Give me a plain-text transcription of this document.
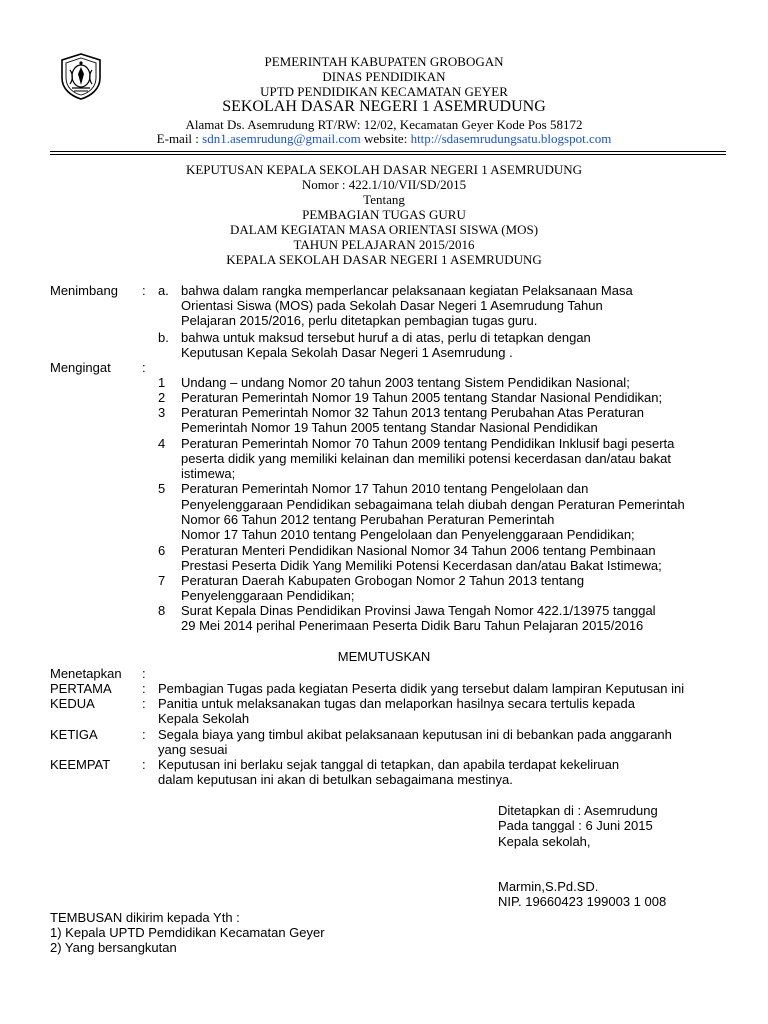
PEMERINTAH KABUPATEN GROBOGAN
DINAS PENDIDIKAN
UPTD PENDIDIKAN KECAMATAN GEYER
SEKOLAH DASAR NEGERI 1 ASEMRUDUNG
Alamat Ds. Asemrudung RT/RW: 12/02, Kecamatan Geyer Kode Pos 58172
E-mail : sdn1.asemrudung@gmail.com website: http://sdasemrudungsatu.blogspot.com
KEPUTUSAN KEPALA SEKOLAH DASAR NEGERI 1 ASEMRUDUNG
Nomor : 422.1/10/VII/SD/2015
Tentang
PEMBAGIAN TUGAS GURU
DALAM KEGIATAN MASA ORIENTASI SISWA (MOS)
TAHUN PELAJARAN 2015/2016
KEPALA SEKOLAH DASAR NEGERI 1 ASEMRUDUNG
Menimbang : a. bahwa dalam rangka memperlancar pelaksanaan kegiatan Pelaksanaan Masa
Orientasi Siswa (MOS) pada Sekolah Dasar Negeri 1 Asemrudung Tahun
Pelajaran 2015/2016, perlu ditetapkan pembagian tugas guru.
b. bahwa untuk maksud tersebut huruf a di atas, perlu di tetapkan dengan
Keputusan Kepala Sekolah Dasar Negeri 1 Asemrudung .
Mengingat :
1 Undang – undang Nomor 20 tahun 2003 tentang Sistem Pendidikan Nasional;
2 Peraturan Pemerintah Nomor 19 Tahun 2005 tentang Standar Nasional Pendidikan;
3 Peraturan Pemerintah Nomor 32 Tahun 2013 tentang Perubahan Atas Peraturan
Pemerintah Nomor 19 Tahun 2005 tentang Standar Nasional Pendidikan
4 Peraturan Pemerintah Nomor 70 Tahun 2009 tentang Pendidikan Inklusif bagi peserta
peserta didik yang memiliki kelainan dan memiliki potensi kecerdasan dan/atau bakat
istimewa;
5 Peraturan Pemerintah Nomor 17 Tahun 2010 tentang Pengelolaan dan
Penyelenggaraan Pendidikan sebagaimana telah diubah dengan Peraturan Pemerintah
Nomor 66 Tahun 2012 tentang Perubahan Peraturan Pemerintah
Nomor 17 Tahun 2010 tentang Pengelolaan dan Penyelenggaraan Pendidikan;
6 Peraturan Menteri Pendidikan Nasional Nomor 34 Tahun 2006 tentang Pembinaan
Prestasi Peserta Didik Yang Memiliki Potensi Kecerdasan dan/atau Bakat Istimewa;
7 Peraturan Daerah Kabupaten Grobogan Nomor 2 Tahun 2013 tentang
Penyelenggaraan Pendidikan;
8 Surat Kepala Dinas Pendidikan Provinsi Jawa Tengah Nomor 422.1/13975 tanggal
29 Mei 2014 perihal Penerimaan Peserta Didik Baru Tahun Pelajaran 2015/2016
MEMUTUSKAN
Menetapkan :
PERTAMA : Pembagian Tugas pada kegiatan Peserta didik yang tersebut dalam lampiran Keputusan ini
KEDUA	: Panitia untuk melaksanakan tugas dan melaporkan hasilnya secara tertulis kepada
Kepala Sekolah
KETIGA	: Segala biaya yang timbul akibat pelaksanaan keputusan ini di bebankan pada anggaranh
yang sesuai
KEEMPAT : Keputusan ini berlaku sejak tanggal di tetapkan, dan apabila terdapat kekeliruan
dalam keputusan ini akan di betulkan sebagaimana mestinya.
Ditetapkan di : Asemrudung
Pada tanggal : 6 Juni 2015
Kepala sekolah,
Marmin,S.Pd.SD.
NIP. 19660423 199003 1 008
TEMBUSAN dikirim kepada Yth :
1) Kepala UPTD Pemdidikan Kecamatan Geyer
2) Yang bersangkutan
